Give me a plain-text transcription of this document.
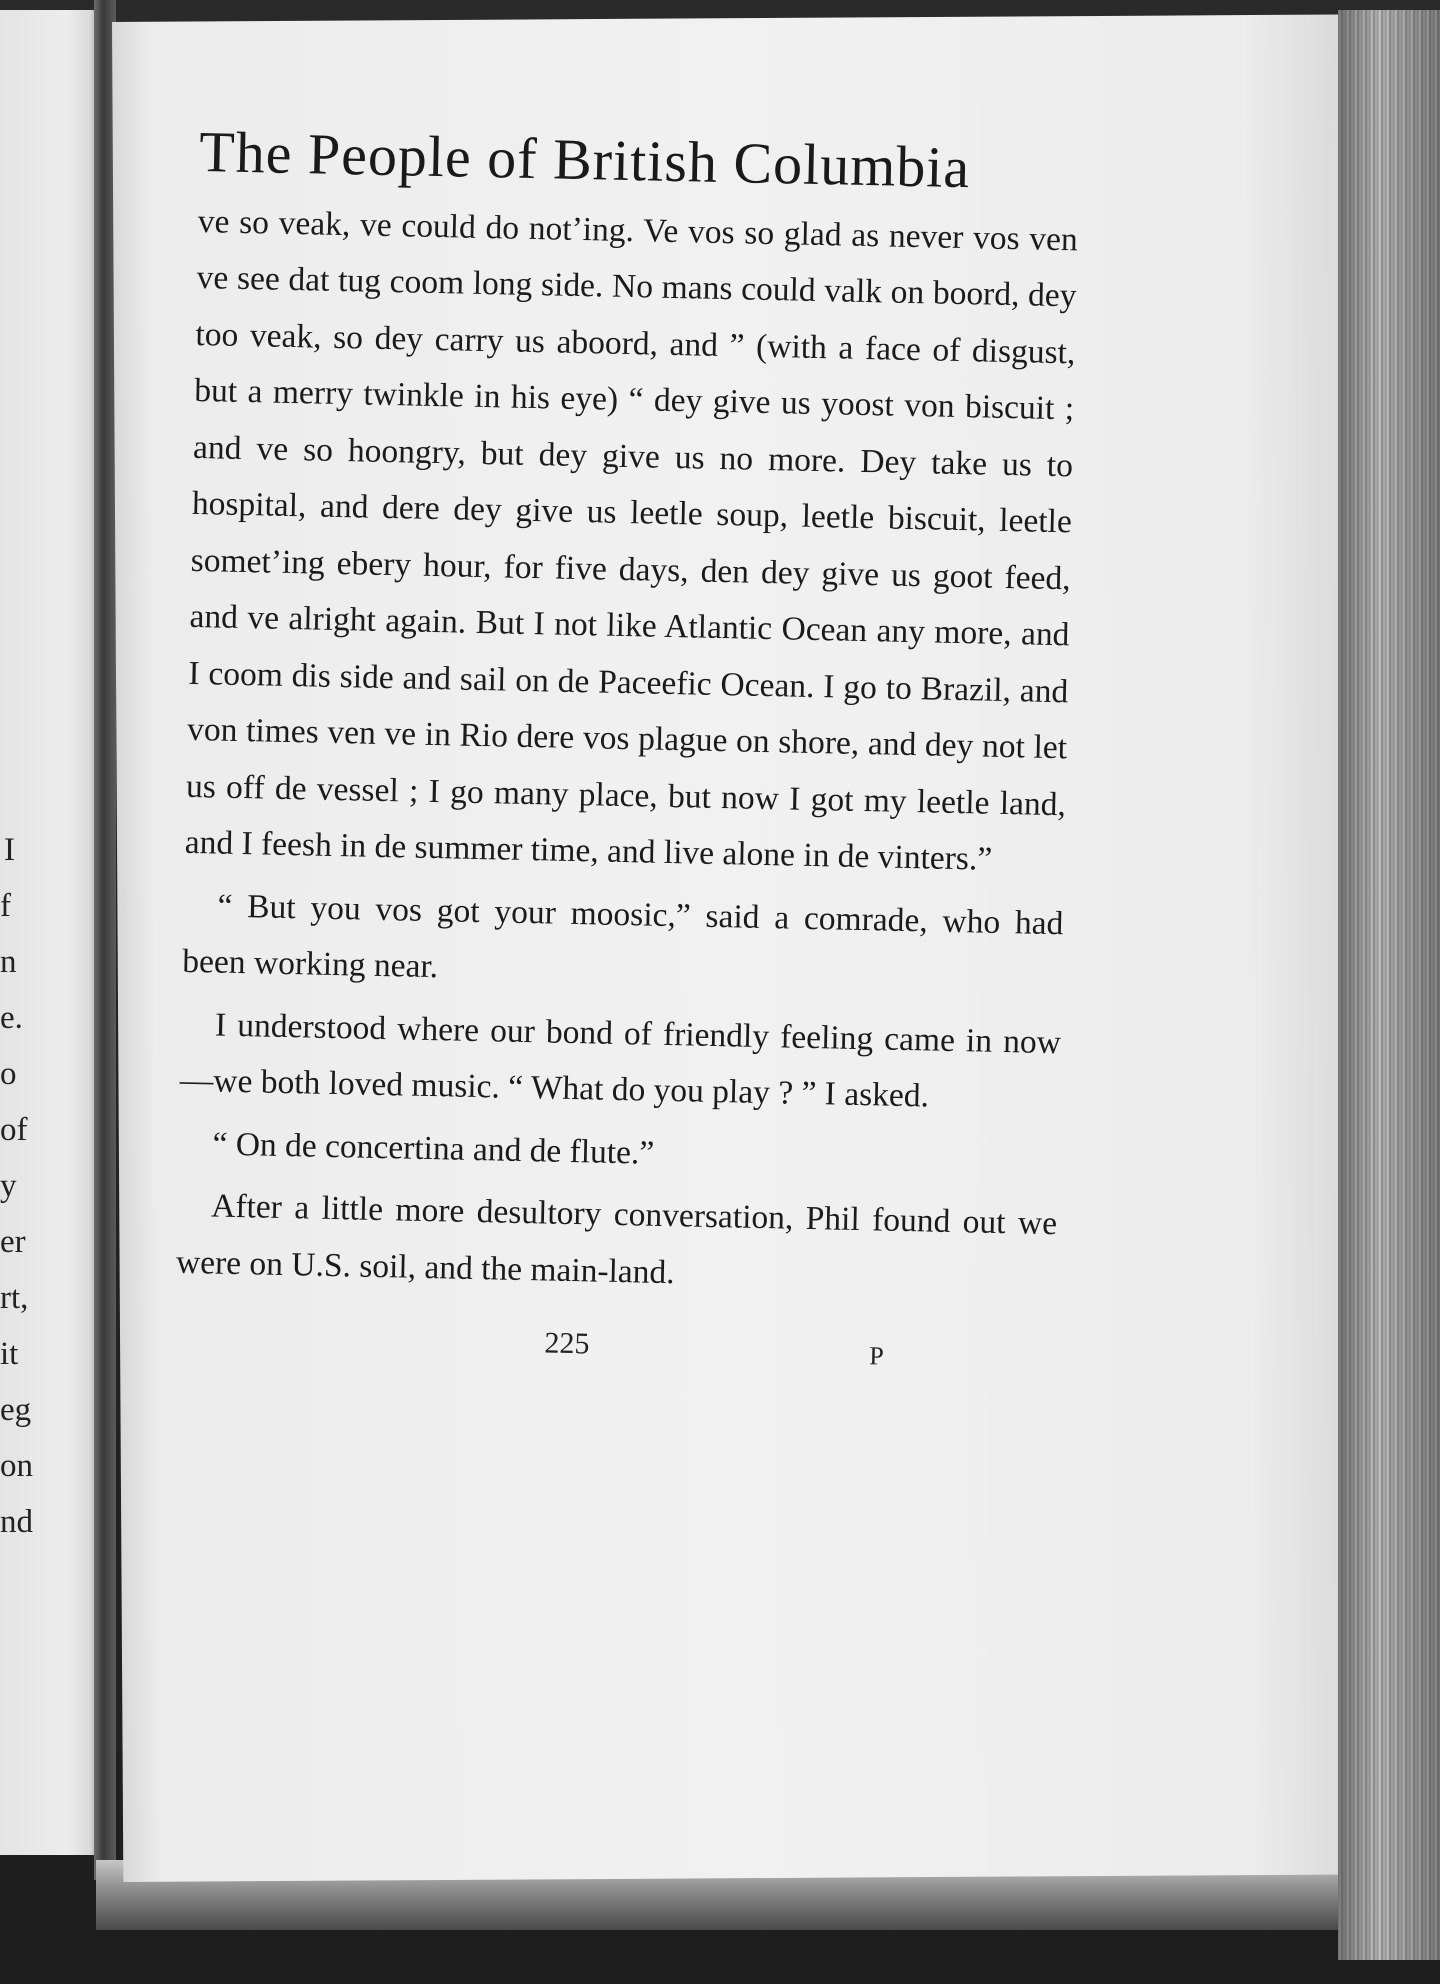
I
f
n
e.
o
of
y
er
rt,
it
eg
on
nd
The People of British Columbia

ve so veak, ve could do not’ing. Ve vos so glad as never vos ven ve see dat tug coom long side. No mans could valk on boord, dey too veak, so dey carry us aboord, and ” (with a face of disgust, but a merry twinkle in his eye) “ dey give us yoost von biscuit ; and ve so hoongry, but dey give us no more. Dey take us to hospital, and dere dey give us leetle soup, leetle biscuit, leetle somet’ing ebery hour, for five days, den dey give us goot feed, and ve alright again. But I not like Atlantic Ocean any more, and I coom dis side and sail on de Paceefic Ocean. I go to Brazil, and von times ven ve in Rio dere vos plague on shore, and dey not let us off de vessel ; I go many place, but now I got my leetle land, and I feesh in de summer time, and live alone in de vinters.”

“ But you vos got your moosic,” said a comrade, who had been working near.

I understood where our bond of friendly feeling came in now—we both loved music. “ What do you play ? ” I asked.

“ On de concertina and de flute.”

After a little more desultory conversation, Phil found out we were on U.S. soil, and the main-land.

225	P
